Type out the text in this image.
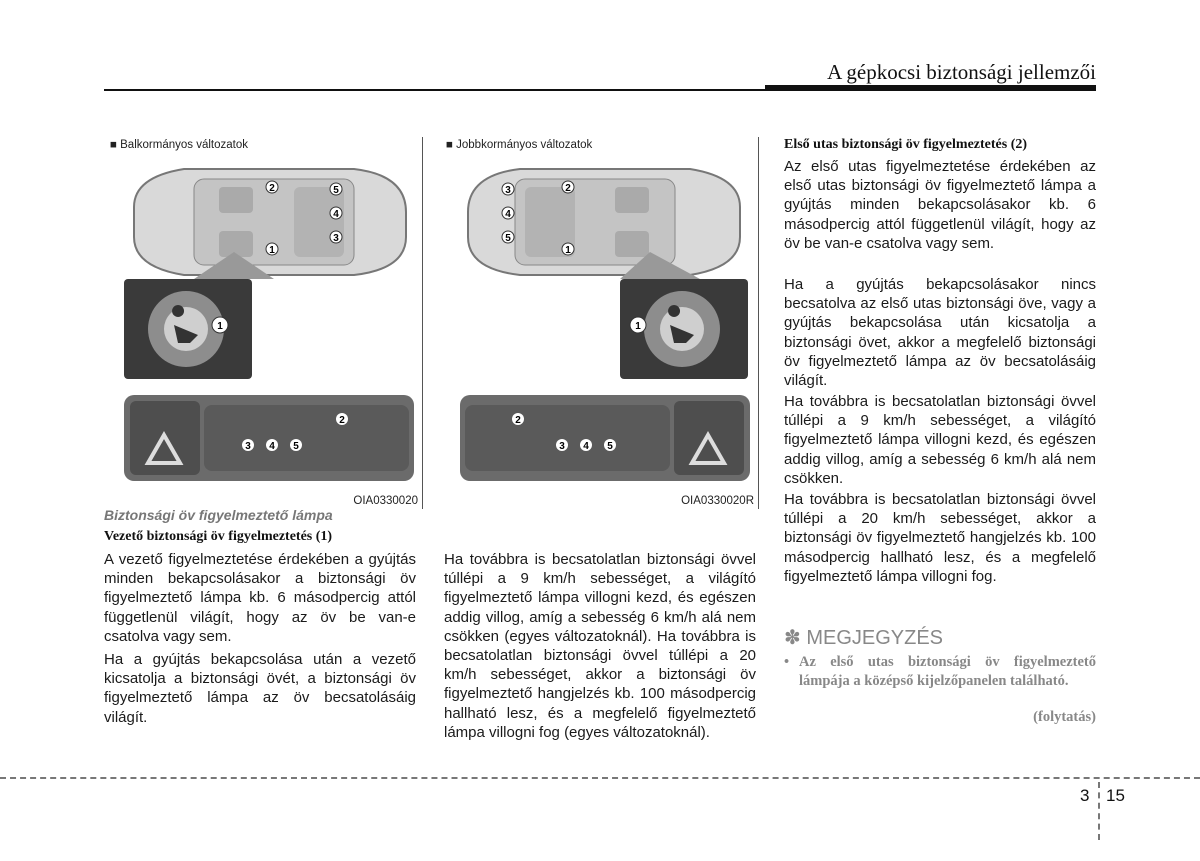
A gépkocsi biztonsági jellemzői
■ Balkormányos változatok
2
1
5
4
3
1
3 4 5
2
OIA0330020
■ Jobbkormányos változatok
3
4
5
2
1
1
2
3 4 5
OIA0330020R
Biztonsági öv figyelmeztető lámpa
Vezető biztonsági öv figyelmeztetés (1)
A vezető figyelmeztetése érdekében a gyújtás minden bekapcsolásakor a biztonsági öv figyelmeztető lámpa kb. 6 másodpercig attól függetlenül világít, hogy az öv be van-e csatolva vagy sem.
Ha a gyújtás bekapcsolása után a vezető kicsatolja a biztonsági övét, a biztonsági öv figyelmeztető lámpa az öv becsatolásáig világít.
Ha továbbra is becsatolatlan biztonsági övvel túllépi a 9 km/h sebességet, a világító figyelmeztető lámpa villogni kezd, és egészen addig villog, amíg a sebesség 6 km/h alá nem csökken (egyes változatoknál). Ha továbbra is becsatolatlan biztonsági övvel túllépi a 20 km/h sebességet, akkor a biztonsági öv figyelmeztető hangjelzés kb. 100 másodpercig hallható lesz, és a megfelelő figyelmeztető lámpa villogni fog (egyes változatoknál).
Első utas biztonsági öv figyelmeztetés (2)
Az első utas figyelmeztetése érdekében az első utas biztonsági öv figyelmeztető lámpa a gyújtás minden bekapcsolásakor kb. 6 másodpercig attól függetlenül világít, hogy az öv be van-e csatolva vagy sem.
Ha a gyújtás bekapcsolásakor nincs becsatolva az első utas biztonsági öve, vagy a gyújtás bekapcsolása után kicsatolja a biztonsági övet, akkor a megfelelő biztonsági öv figyelmeztető lámpa az öv becsatolásáig világít.
Ha továbbra is becsatolatlan biztonsági övvel túllépi a 9 km/h sebességet, a világító figyelmeztető lámpa villogni kezd, és egészen addig villog, amíg a sebesség 6 km/h alá nem csökken.
Ha továbbra is becsatolatlan biztonsági övvel túllépi a 20 km/h sebességet, akkor a biztonsági öv figyelmeztető hangjelzés kb. 100 másodpercig hallható lesz, és a megfelelő figyelmeztető lámpa villogni fog.
✽ MEGJEGYZÉS
• Az első utas biztonsági öv figyelmeztető lámpája a középső kijelzőpanelen található.
(folytatás)
3 15
